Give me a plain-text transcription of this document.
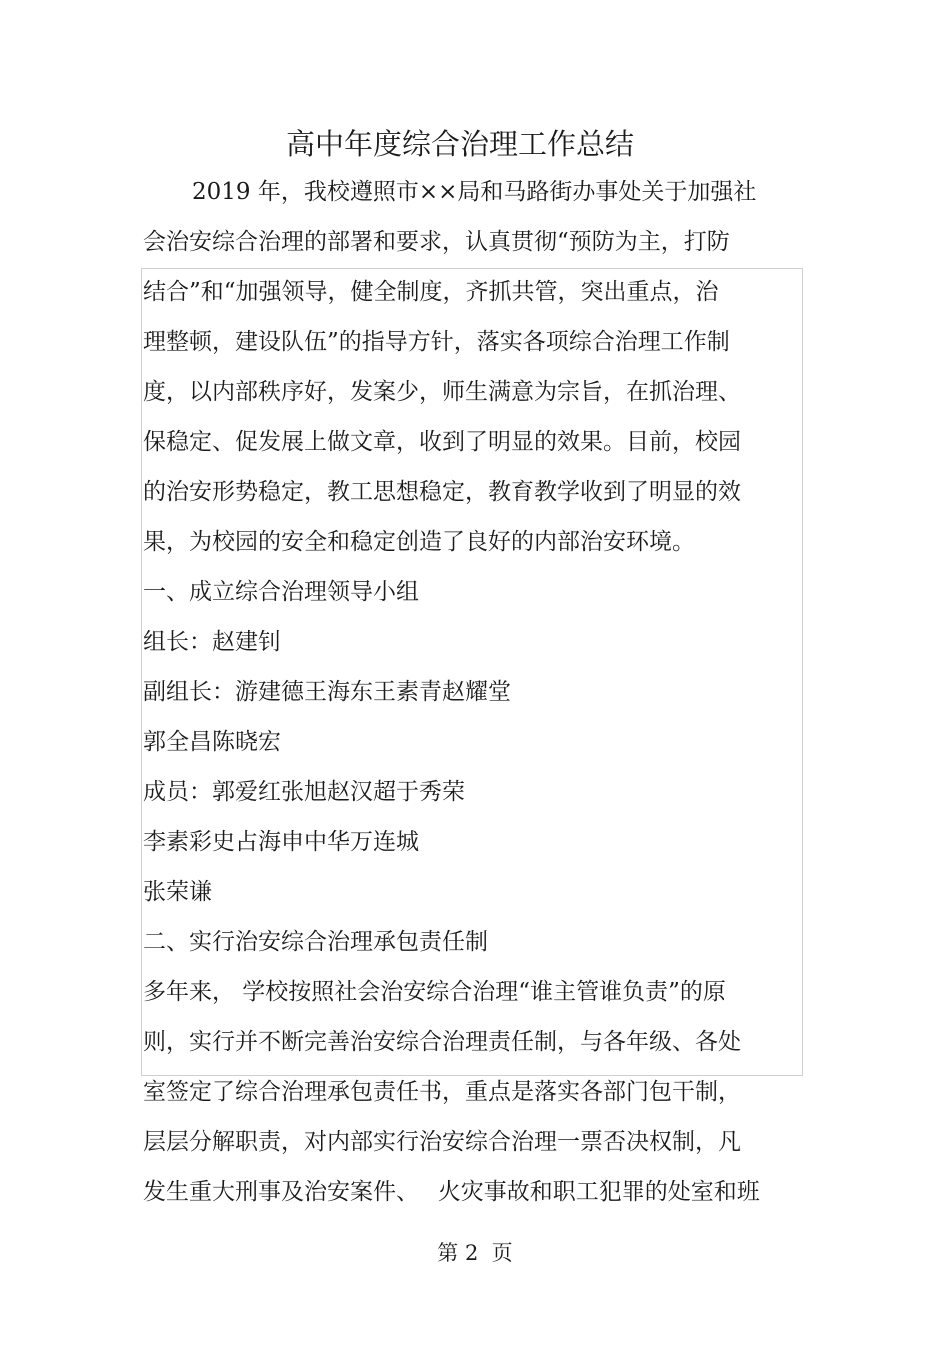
高中年度综合治理工作总结
2019 年，我校遵照市××局和马路街办事处关于加强社
会治安综合治理的部署和要求，认真贯彻“预防为主，打防
结合”和“加强领导，健全制度，齐抓共管，突出重点，治
理整顿，建设队伍”的指导方针，落实各项综合治理工作制
度，以内部秩序好，发案少，师生满意为宗旨，在抓治理、
保稳定、促发展上做文章，收到了明显的效果。目前，校园
的治安形势稳定，教工思想稳定，教育教学收到了明显的效
果，为校园的安全和稳定创造了良好的内部治安环境。
一、成立综合治理领导小组
组长：赵建钊
副组长：游建德王海东王素青赵耀堂
郭全昌陈晓宏
成员：郭爱红张旭赵汉超于秀荣
李素彩史占海申中华万连城
张荣谦
二、实行治安综合治理承包责任制
多年来， 学校按照社会治安综合治理“谁主管谁负责”的原
则，实行并不断完善治安综合治理责任制，与各年级、各处
室签定了综合治理承包责任书，重点是落实各部门包干制，
层层分解职责，对内部实行治安综合治理一票否决权制，凡
发生重大刑事及治安案件、　 火灾事故和职工犯罪的处室和班
第 2  页
